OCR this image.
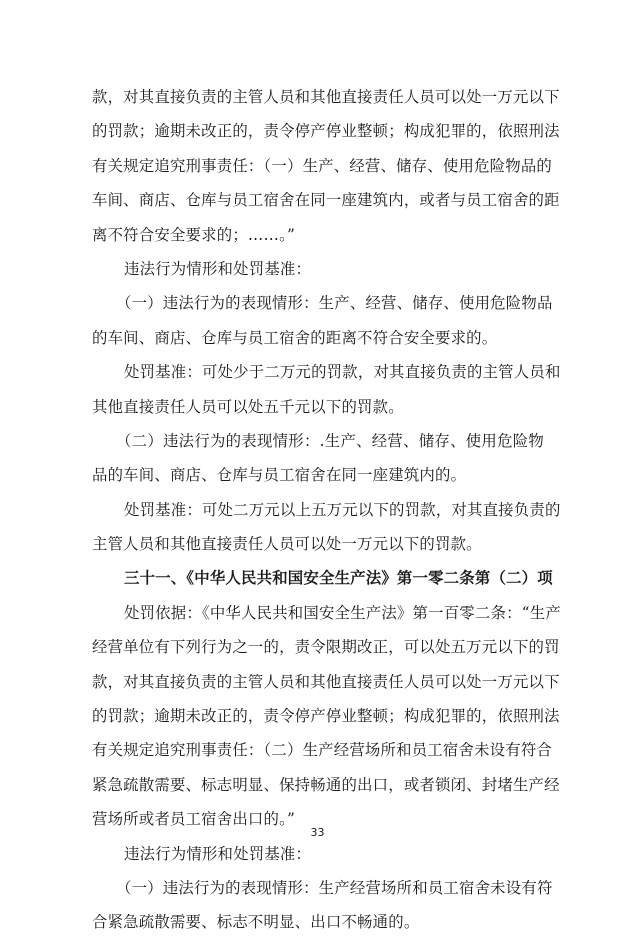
款，对其直接负责的主管人员和其他直接责任人员可以处一万元以下
的罚款；逾期未改正的，责令停产停业整顿；构成犯罪的，依照刑法
有关规定追究刑事责任：（一）生产、经营、储存、使用危险物品的
车间、商店、仓库与员工宿舍在同一座建筑内，或者与员工宿舍的距
离不符合安全要求的；……。”
违法行为情形和处罚基准：
（一）违法行为的表现情形：生产、经营、储存、使用危险物品
的车间、商店、仓库与员工宿舍的距离不符合安全要求的。
处罚基准：可处少于二万元的罚款，对其直接负责的主管人员和
其他直接责任人员可以处五千元以下的罚款。
（二）违法行为的表现情形：.生产、经营、储存、使用危险物
品的车间、商店、仓库与员工宿舍在同一座建筑内的。
处罚基准：可处二万元以上五万元以下的罚款，对其直接负责的
主管人员和其他直接责任人员可以处一万元以下的罚款。
三十一、《中华人民共和国安全生产法》第一零二条第（二）项
处罚依据：《中华人民共和国安全生产法》第一百零二条：“生产
经营单位有下列行为之一的，责令限期改正，可以处五万元以下的罚
款，对其直接负责的主管人员和其他直接责任人员可以处一万元以下
的罚款；逾期未改正的，责令停产停业整顿；构成犯罪的，依照刑法
有关规定追究刑事责任：（二）生产经营场所和员工宿舍未设有符合
紧急疏散需要、标志明显、保持畅通的出口，或者锁闭、封堵生产经
营场所或者员工宿舍出口的。”
违法行为情形和处罚基准：
（一）违法行为的表现情形：生产经营场所和员工宿舍未设有符
合紧急疏散需要、标志不明显、出口不畅通的。
33
